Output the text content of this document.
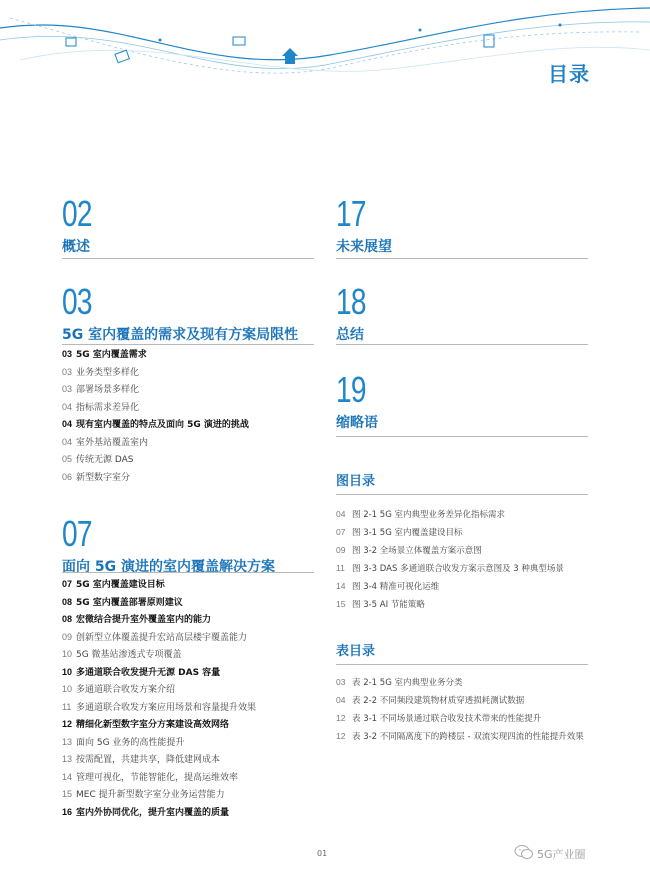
目录
02
概述
03
5G 室内覆盖的需求及现有方案局限性
03 5G 室内覆盖需求
03 业务类型多样化
03 部署场景多样化
04 指标需求差异化
04 现有室内覆盖的特点及面向 5G 演进的挑战
04 室外基站覆盖室内
05 传统无源 DAS
06 新型数字室分
07
面向 5G 演进的室内覆盖解决方案
07 5G 室内覆盖建设目标
08 5G 室内覆盖部署原则建议
08 宏微结合提升室外覆盖室内的能力
09 创新型立体覆盖提升宏站高层楼宇覆盖能力
10 5G 微基站渗透式专项覆盖
10 多通道联合收发提升无源 DAS 容量
10 多通道联合收发方案介绍
11 多通道联合收发方案应用场景和容量提升效果
12 精细化新型数字室分方案建设高效网络
13 面向 5G 业务的高性能提升
13 按需配置，共建共享，降低建网成本
14 管理可视化，节能智能化，提高运维效率
15 MEC 提升新型数字室分业务运营能力
16 室内外协同优化，提升室内覆盖的质量
17
未来展望
18
总结
19
缩略语
图目录
04 图 2-1 5G 室内典型业务差异化指标需求
07 图 3-1 5G 室内覆盖建设目标
09 图 3-2 全场景立体覆盖方案示意图
11 图 3-3 DAS 多通道联合收发方案示意图及 3 种典型场景
14 图 3-4 精准可视化运维
15 图 3-5 AI 节能策略
表目录
03 表 2-1 5G 室内典型业务分类
04 表 2-2 不同频段建筑物材质穿透损耗测试数据
12 表 3-1 不同场景通过联合收发技术带来的性能提升
12 表 3-2 不同隔离度下的跨楼层 - 双流实现四流的性能提升效果
01	5G产业圈
